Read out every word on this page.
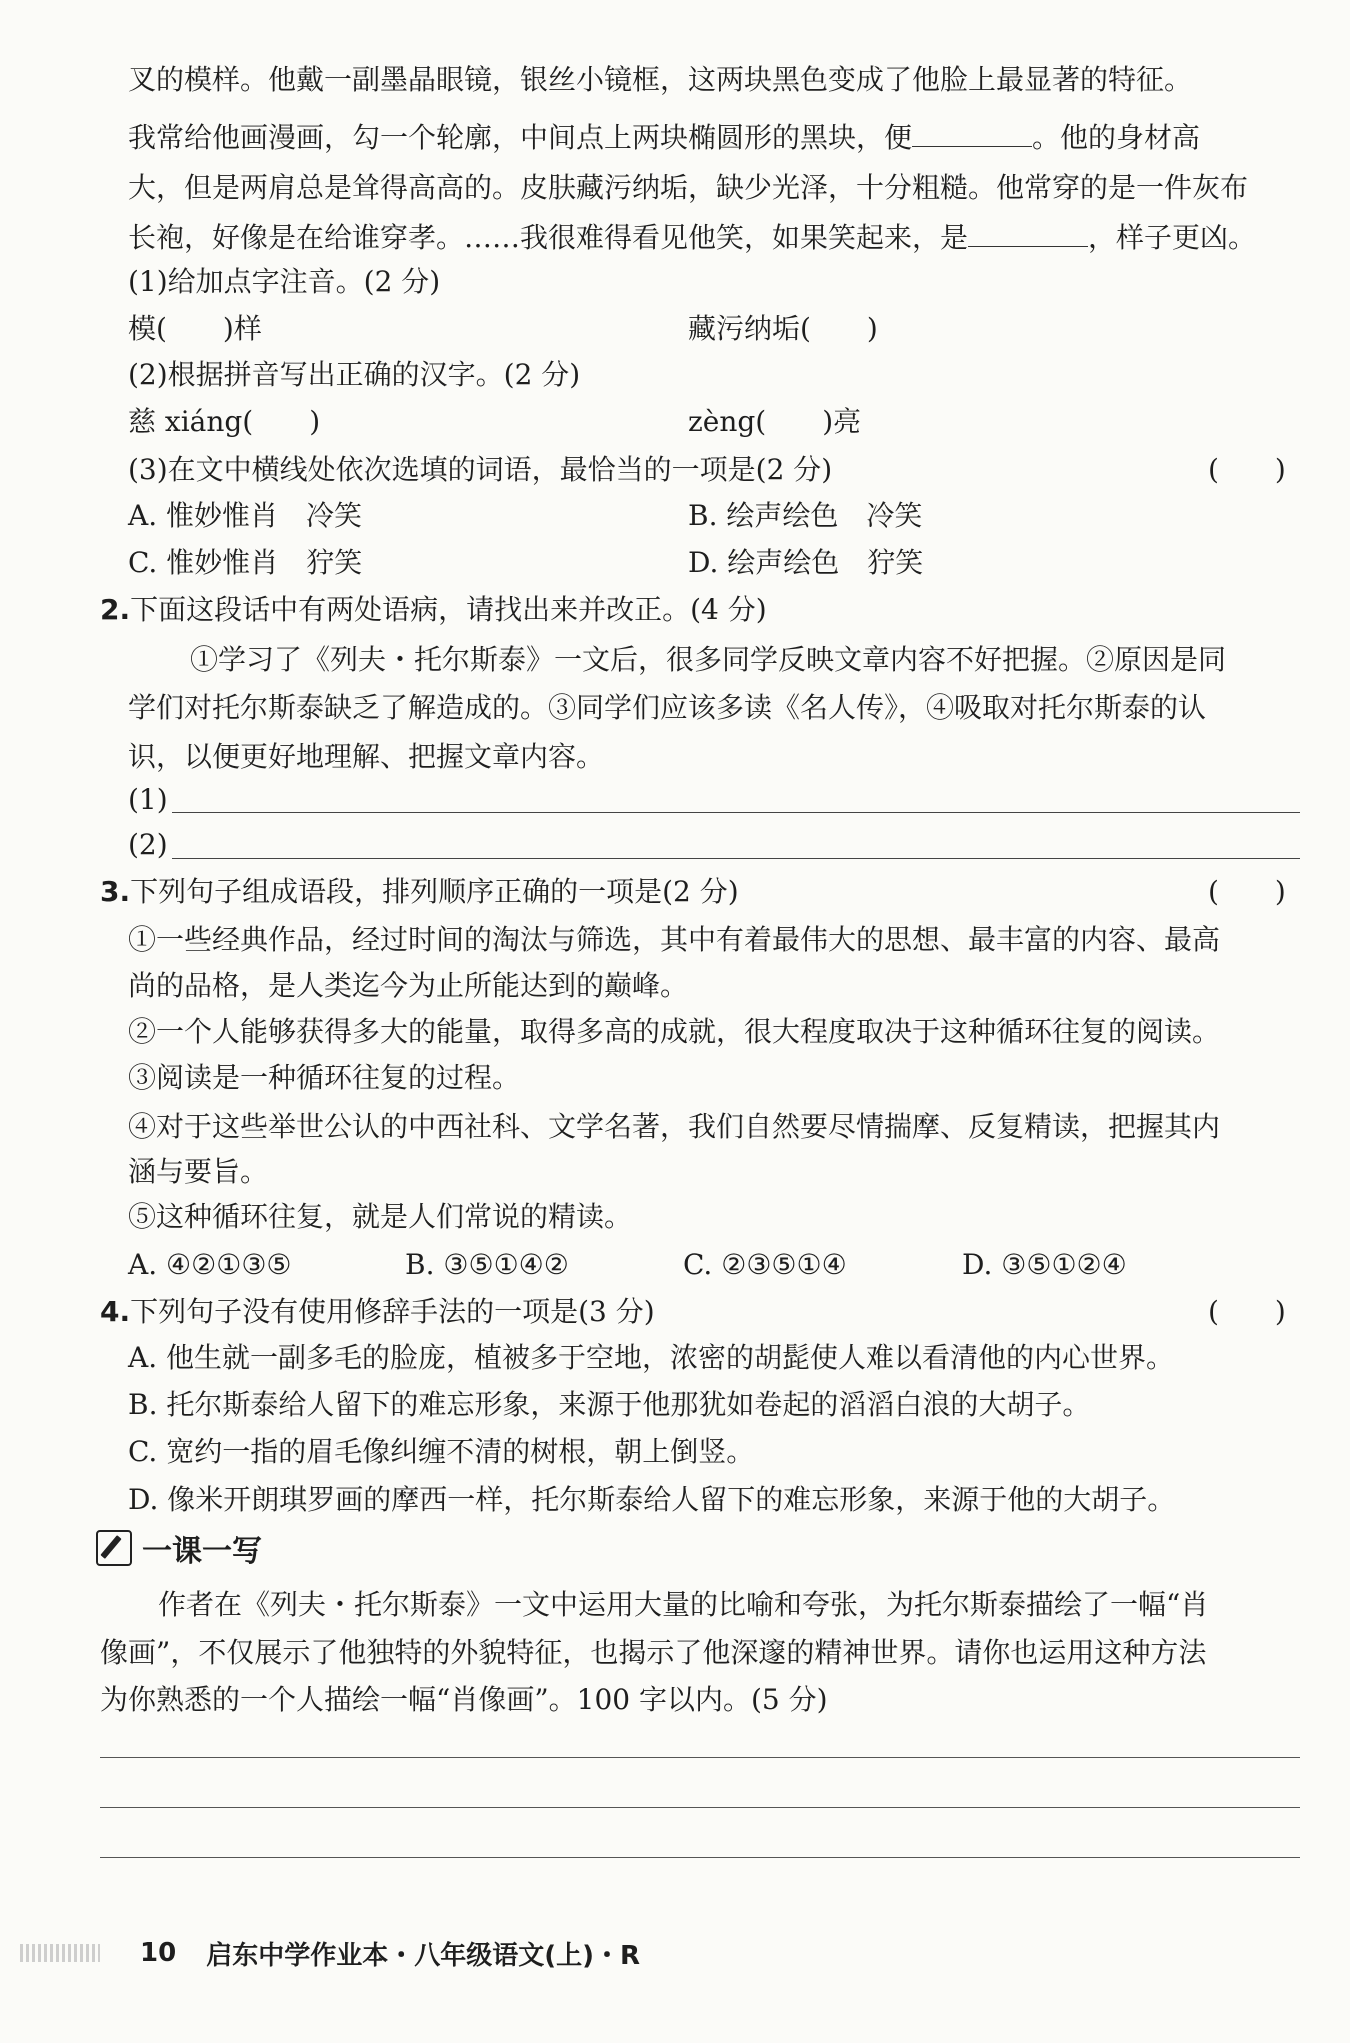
叉的模样。他戴一副墨晶眼镜，银丝小镜框，这两块黑色变成了他脸上最显著的特征。
我常给他画漫画，勾一个轮廓，中间点上两块椭圆形的黑块，便	。他的身材高
大，但是两肩总是耸得高高的。皮肤藏污纳垢，缺少光泽，十分粗糙。他常穿的是一件灰布
长袍，好像是在给谁穿孝。……我很难得看见他笑，如果笑起来，是	，样子更凶。
(1)给加点字注音。(2 分)
模(　　)样	藏污纳垢(　　)
(2)根据拼音写出正确的汉字。(2 分)
慈 xiáng(　　)	zèng(　　)亮
(3)在文中横线处依次选填的词语，最恰当的一项是(2 分)	(　　)
A. 惟妙惟肖　冷笑	B. 绘声绘色　冷笑
C. 惟妙惟肖　狞笑	D. 绘声绘色　狞笑
2.下面这段话中有两处语病，请找出来并改正。(4 分)
①学习了《列夫・托尔斯泰》一文后，很多同学反映文章内容不好把握。②原因是同
学们对托尔斯泰缺乏了解造成的。③同学们应该多读《名人传》，④吸取对托尔斯泰的认
识，以便更好地理解、把握文章内容。
(1)
(2)
3.下列句子组成语段，排列顺序正确的一项是(2 分)	(　　)
①一些经典作品，经过时间的淘汰与筛选，其中有着最伟大的思想、最丰富的内容、最高
尚的品格，是人类迄今为止所能达到的巅峰。
②一个人能够获得多大的能量，取得多高的成就，很大程度取决于这种循环往复的阅读。
③阅读是一种循环往复的过程。
④对于这些举世公认的中西社科、文学名著，我们自然要尽情揣摩、反复精读，把握其内
涵与要旨。
⑤这种循环往复，就是人们常说的精读。
A. ④②①③⑤	B. ③⑤①④②	C. ②③⑤①④	D. ③⑤①②④
4.下列句子没有使用修辞手法的一项是(3 分)	(　　)
A. 他生就一副多毛的脸庞，植被多于空地，浓密的胡髭使人难以看清他的内心世界。
B. 托尔斯泰给人留下的难忘形象，来源于他那犹如卷起的滔滔白浪的大胡子。
C. 宽约一指的眉毛像纠缠不清的树根，朝上倒竖。
D. 像米开朗琪罗画的摩西一样，托尔斯泰给人留下的难忘形象，来源于他的大胡子。
一课一写
作者在《列夫・托尔斯泰》一文中运用大量的比喻和夸张，为托尔斯泰描绘了一幅“肖
像画”，不仅展示了他独特的外貌特征，也揭示了他深邃的精神世界。请你也运用这种方法
为你熟悉的一个人描绘一幅“肖像画”。100 字以内。(5 分)
10 启东中学作业本・八年级语文(上)・R
